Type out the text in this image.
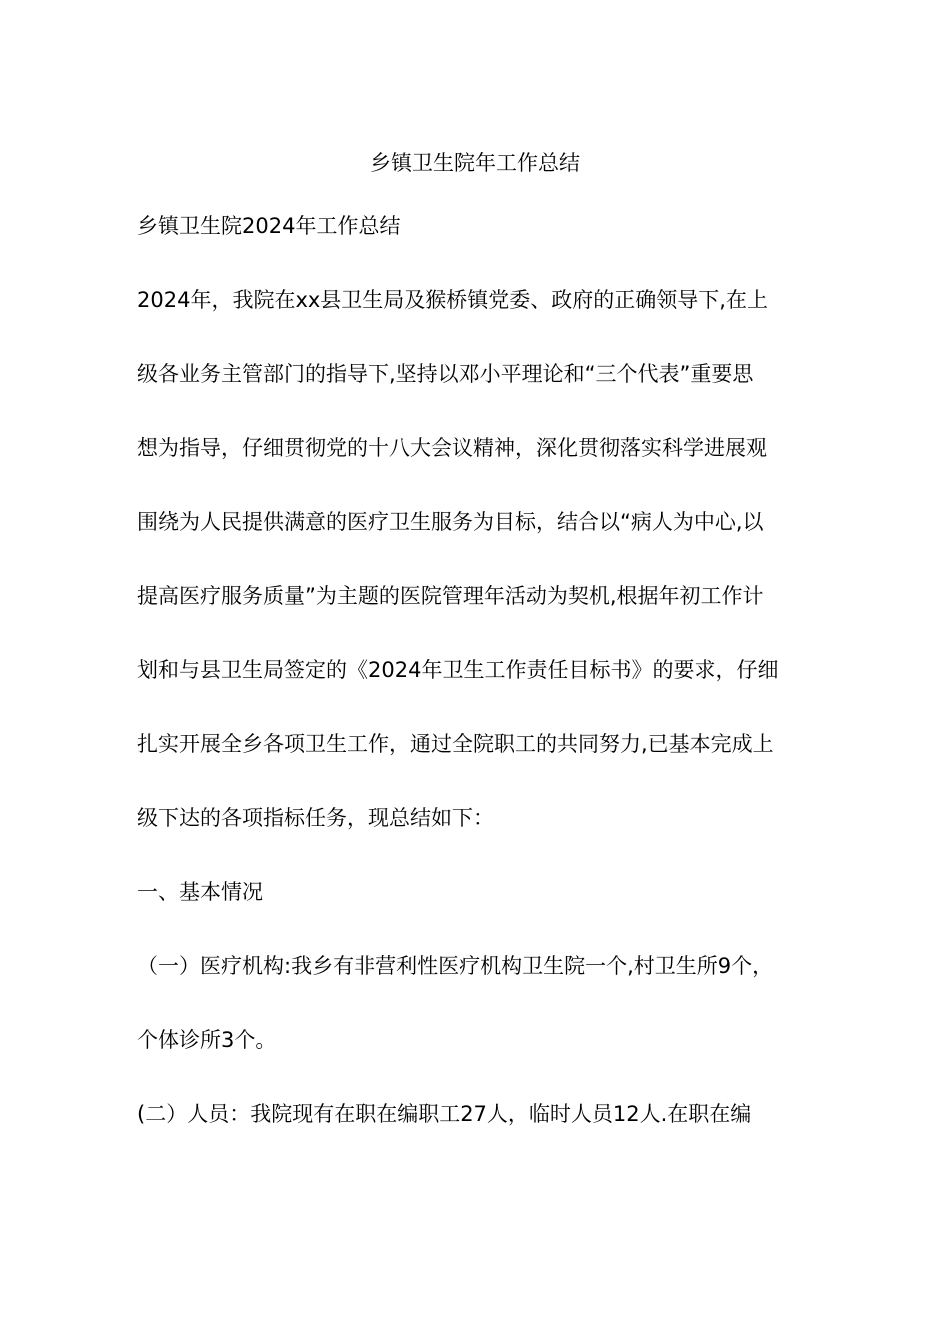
乡镇卫生院年工作总结
乡镇卫生院2024年工作总结
2024年，我院在xx县卫生局及猴桥镇党委、政府的正确领导下,在上
级各业务主管部门的指导下,坚持以邓小平理论和“三个代表”重要思
想为指导，仔细贯彻党的十八大会议精神，深化贯彻落实科学进展观
围绕为人民提供满意的医疗卫生服务为目标，结合以“病人为中心,以
提高医疗服务质量”为主题的医院管理年活动为契机,根据年初工作计
划和与县卫生局签定的《2024年卫生工作责任目标书》的要求，仔细
扎实开展全乡各项卫生工作，通过全院职工的共同努力,已基本完成上
级下达的各项指标任务，现总结如下：
一、基本情况
（一）医疗机构:我乡有非营利性医疗机构卫生院一个,村卫生所9个，
个体诊所3个。
(二）人员：我院现有在职在编职工27人，临时人员12人.在职在编
